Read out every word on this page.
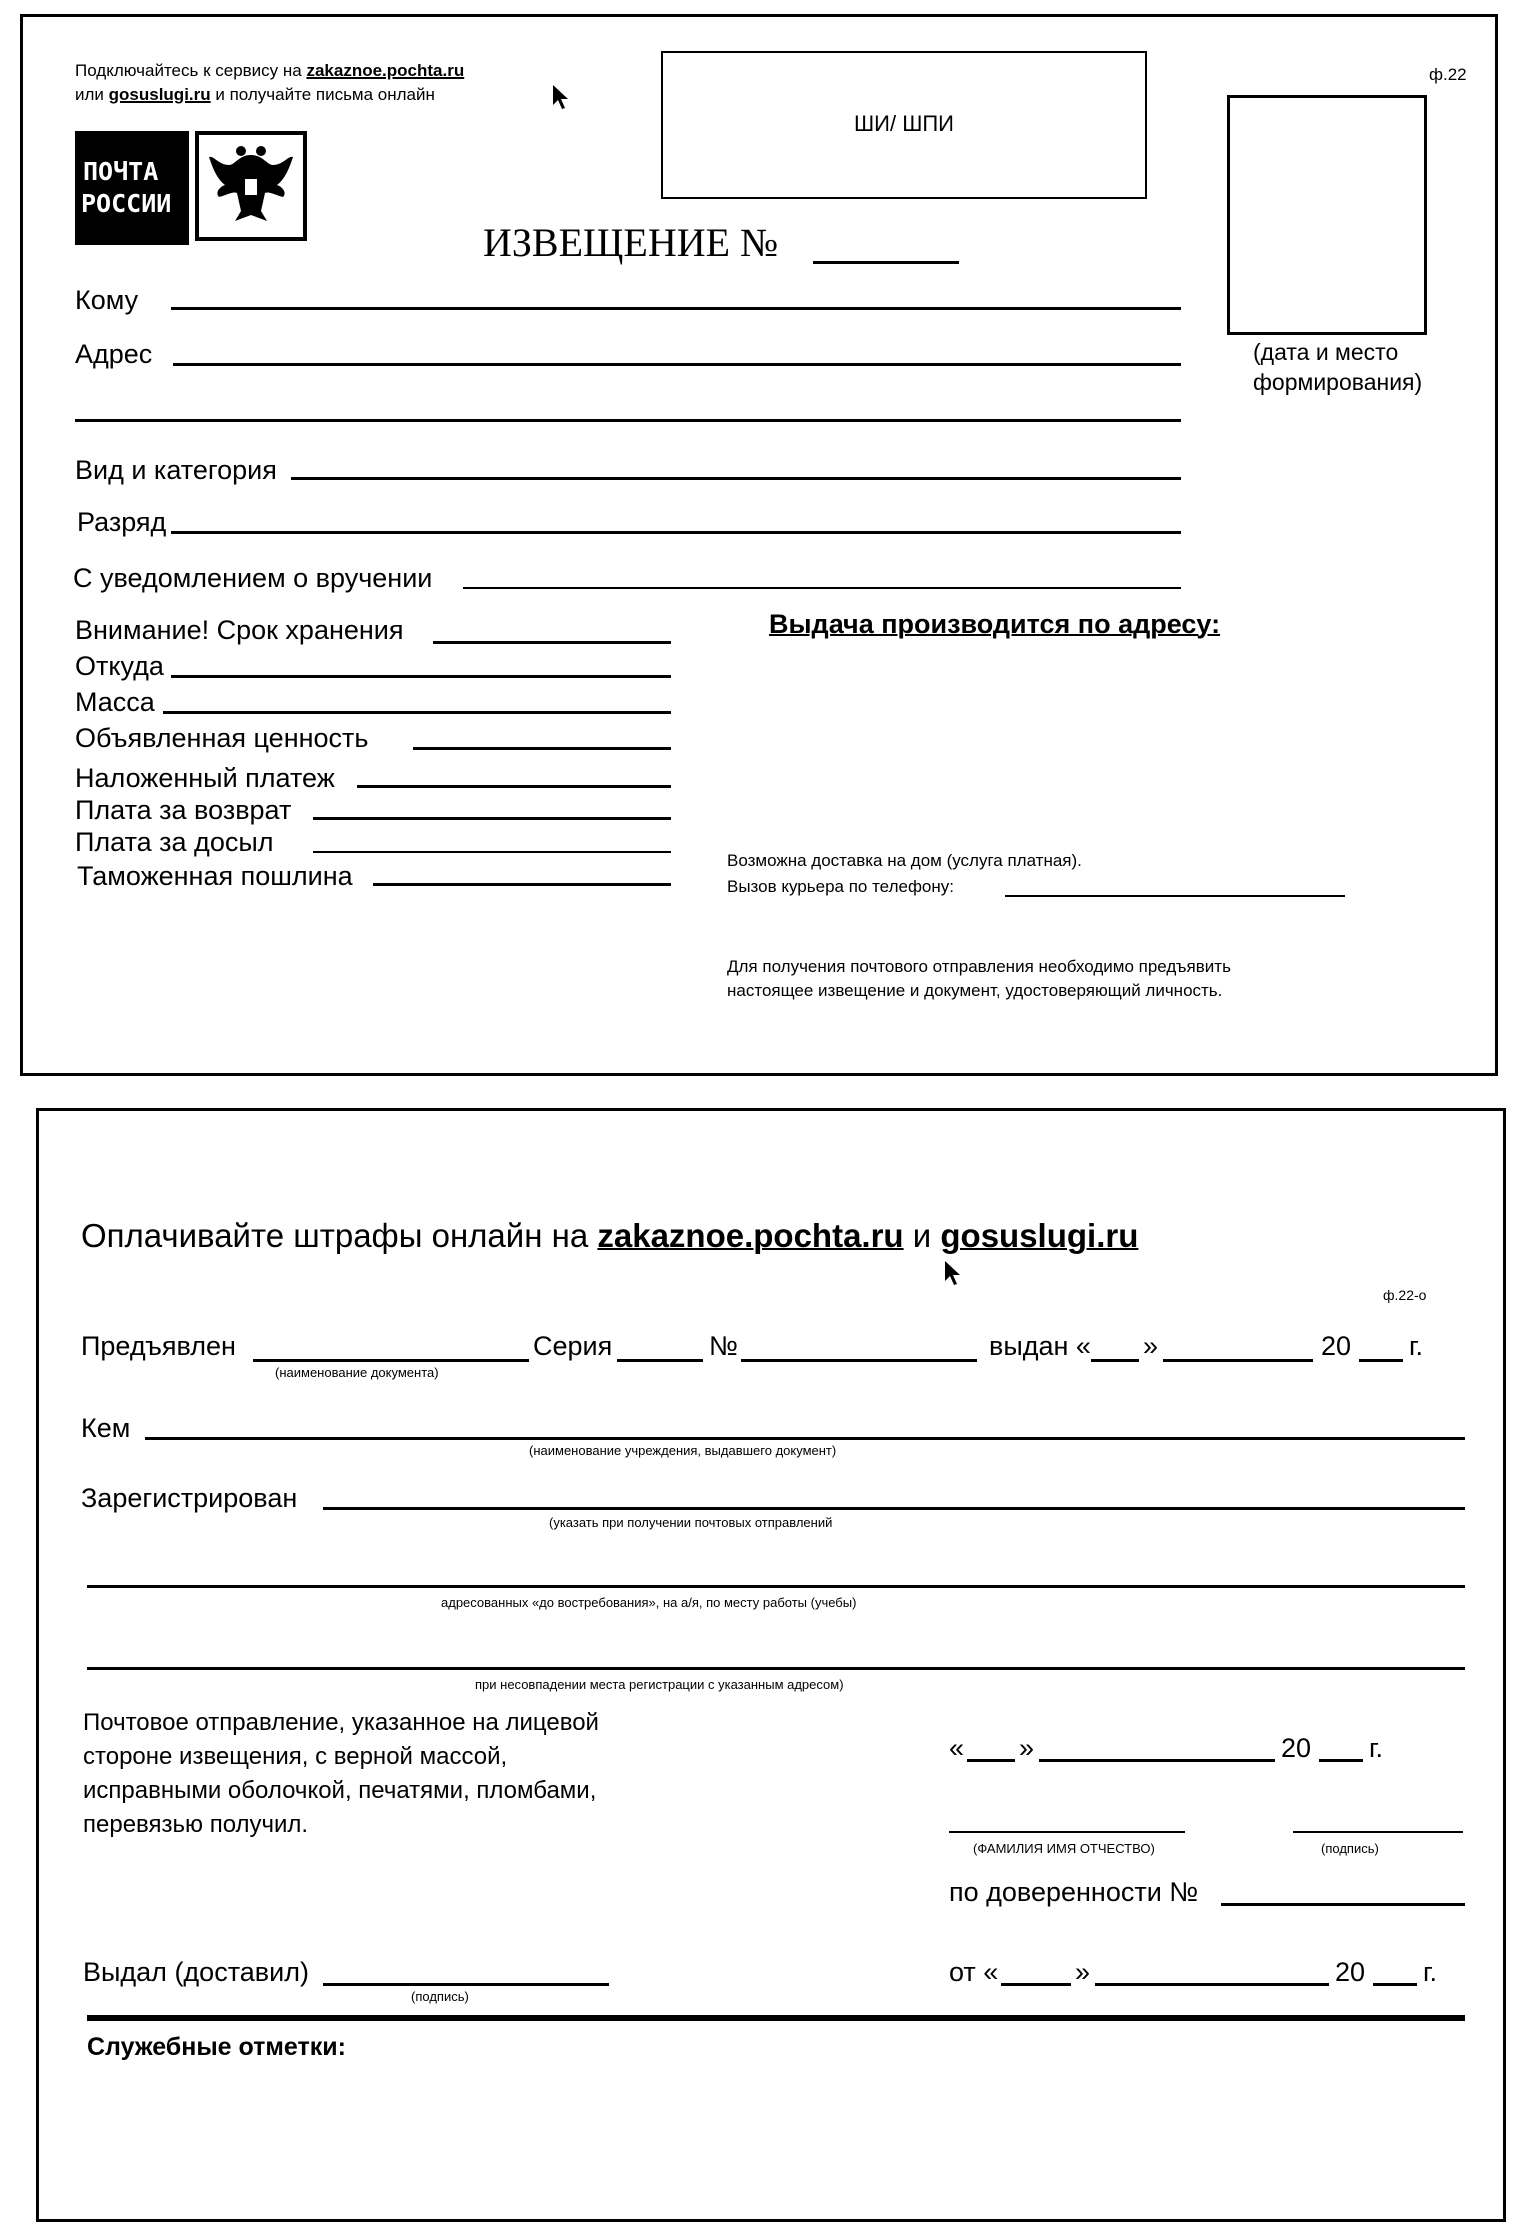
Подключайтесь к сервису на zakaznoe.pochta.ru
или gosuslugi.ru и получайте письма онлайн
ПОЧТА
РОССИИ
ШИ/ ШПИ
ф.22
(дата и место
формирования)
ИЗВЕЩЕНИЕ №
Кому
Адрес
Вид и категория
Разряд
С уведомлением о вручении
Внимание! Срок хранения
Откуда
Масса
Объявленная ценность
Наложенный платеж
Плата за возврат
Плата за досыл
Таможенная пошлина
Выдача производится по адресу:
Возможна доставка на дом (услуга платная).
Вызов курьера по телефону:
Для получения почтового отправления необходимо предъявить
настоящее извещение и документ, удостоверяющий личность.
Оплачивайте штрафы онлайн на zakaznoe.pochta.ru и gosuslugi.ru
ф.22-о
Предъявлен
(наименование документа)
Серия	№	выдан « »	20 г.
Кем
(наименование учреждения, выдавшего документ)
Зарегистрирован
(указать при получении почтовых отправлений
адресованных «до востребования», на а/я, по месту работы (учебы)
при несовпадении места регистрации с указанным адресом)
Почтовое отправление, указанное на лицевой
стороне извещения, с верной массой,
исправными оболочкой, печатями, пломбами,
перевязью получил.
« »	20 г.
(ФАМИЛИЯ ИМЯ ОТЧЕСТВО)	(подпись)
по доверенности №
Выдал (доставил)
(подпись)
от «	»	20 г.
Служебные отметки:
